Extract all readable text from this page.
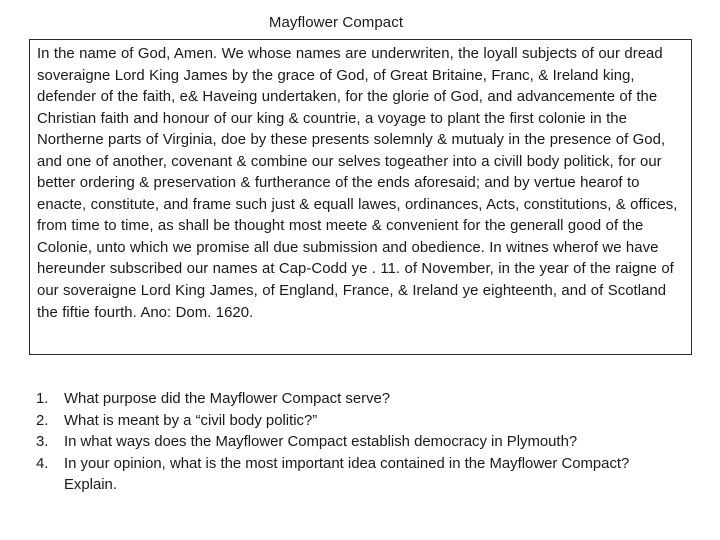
Mayflower Compact

In the name of God, Amen. We whose names are underwriten, the loyall subjects of our dread soveraigne Lord King James by the grace of God, of Great Britaine, Franc, & Ireland king, defender of the faith, e& Haveing undertaken, for the glorie of God, and advancemente of the Christian faith and honour of our king & countrie, a voyage to plant the first colonie in the Northerne parts of Virginia, doe by these presents solemnly & mutualy in the presence of God, and one of another, covenant & combine our selves togeather into a civill body politick, for our better ordering & preservation & furtherance of the ends aforesaid; and by vertue hearof to enacte, constitute, and frame such just & equall lawes, ordinances, Acts, constitutions, & offices, from time to time, as shall be thought most meete & convenient for the generall good of the Colonie, unto which we promise all due submission and obedience. In witnes wherof we have hereunder subscribed our names at Cap-Codd ye . 11. of November, in the year of the raigne of our soveraigne Lord King James, of England, France, & Ireland ye eighteenth, and of Scotland the fiftie fourth. Ano: Dom. 1620.

1.	What purpose did the Mayflower Compact serve?
2.	What is meant by a “civil body politic?”
3.	In what ways does the Mayflower Compact establish democracy in Plymouth?
4.	In your opinion, what is the most important idea contained in the Mayflower Compact? Explain.
